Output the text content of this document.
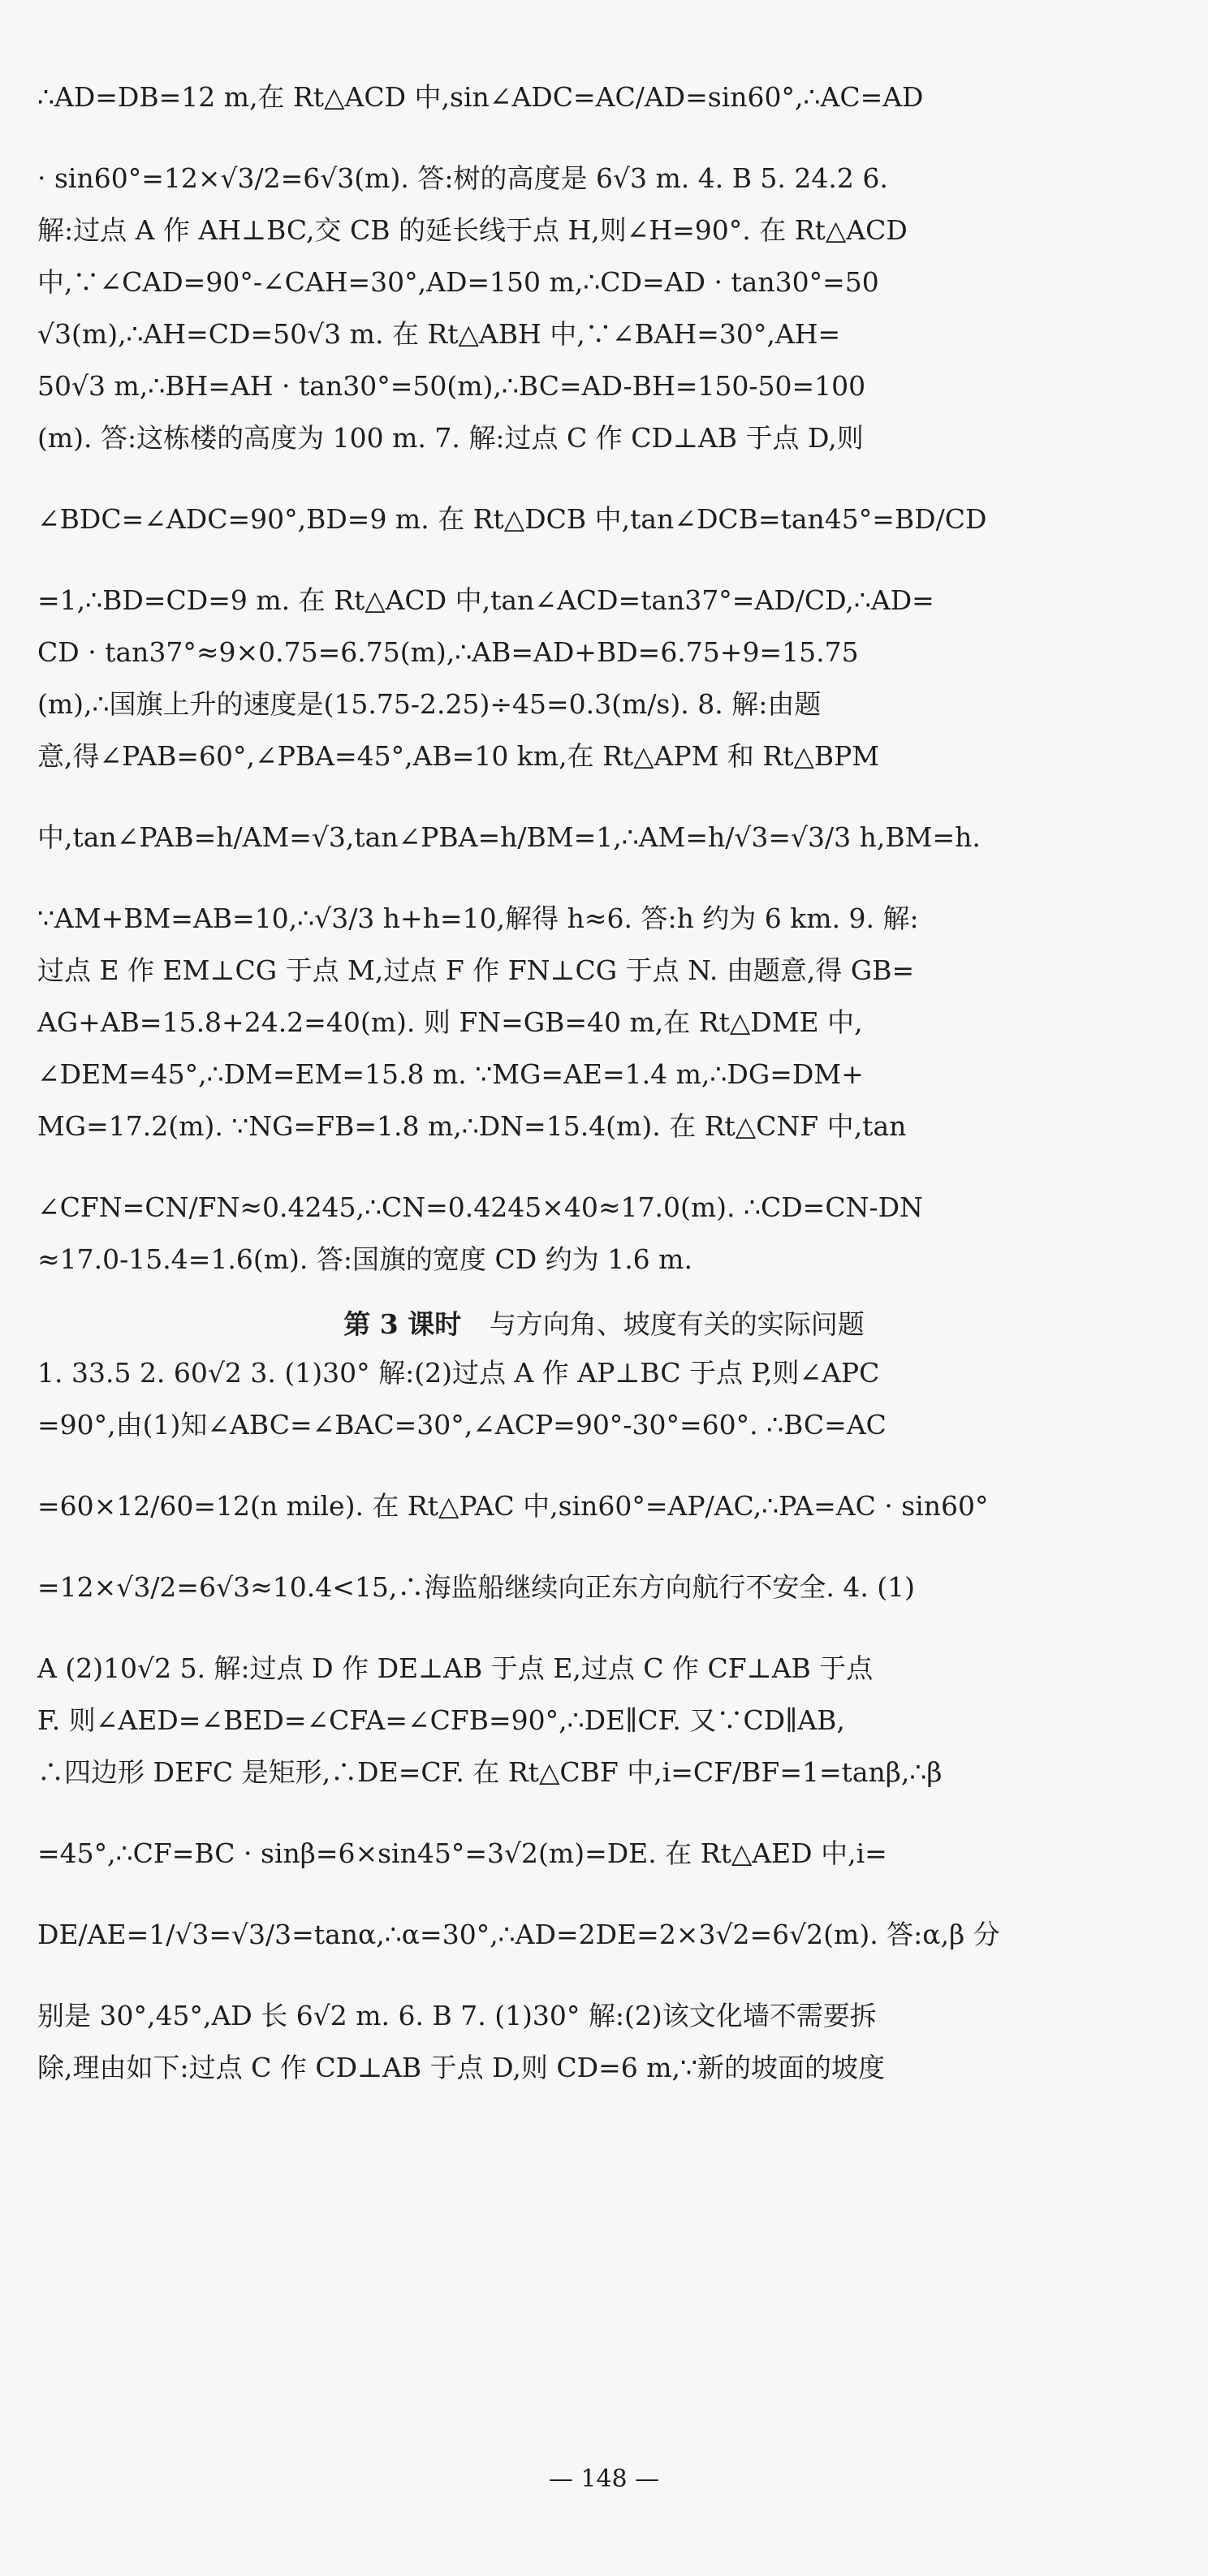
∴AD=DB=12 m,在 Rt△ACD 中,sin∠ADC=AC/AD=sin60°,∴AC=AD

· sin60°=12×√3/2=6√3(m). 答:树的高度是 6√3 m. 4. B 5. 24.2 6.

解:过点 A 作 AH⊥BC,交 CB 的延长线于点 H,则∠H=90°. 在 Rt△ACD

中,∵∠CAD=90°-∠CAH=30°,AD=150 m,∴CD=AD · tan30°=50

√3(m),∴AH=CD=50√3 m. 在 Rt△ABH 中,∵∠BAH=30°,AH=

50√3 m,∴BH=AH · tan30°=50(m),∴BC=AD-BH=150-50=100

(m). 答:这栋楼的高度为 100 m. 7. 解:过点 C 作 CD⊥AB 于点 D,则

∠BDC=∠ADC=90°,BD=9 m. 在 Rt△DCB 中,tan∠DCB=tan45°=BD/CD

=1,∴BD=CD=9 m. 在 Rt△ACD 中,tan∠ACD=tan37°=AD/CD,∴AD=

CD · tan37°≈9×0.75=6.75(m),∴AB=AD+BD=6.75+9=15.75

(m),∴国旗上升的速度是(15.75-2.25)÷45=0.3(m/s). 8. 解:由题

意,得∠PAB=60°,∠PBA=45°,AB=10 km,在 Rt△APM 和 Rt△BPM

中,tan∠PAB=h/AM=√3,tan∠PBA=h/BM=1,∴AM=h/√3=√3/3 h,BM=h.

∵AM+BM=AB=10,∴√3/3 h+h=10,解得 h≈6. 答:h 约为 6 km. 9. 解:

过点 E 作 EM⊥CG 于点 M,过点 F 作 FN⊥CG 于点 N. 由题意,得 GB=

AG+AB=15.8+24.2=40(m). 则 FN=GB=40 m,在 Rt△DME 中,

∠DEM=45°,∴DM=EM=15.8 m. ∵MG=AE=1.4 m,∴DG=DM+

MG=17.2(m). ∵NG=FB=1.8 m,∴DN=15.4(m). 在 Rt△CNF 中,tan

∠CFN=CN/FN≈0.4245,∴CN=0.4245×40≈17.0(m). ∴CD=CN-DN

≈17.0-15.4=1.6(m). 答:国旗的宽度 CD 约为 1.6 m.

第 3 课时 与方向角、坡度有关的实际问题

1. 33.5 2. 60√2 3. (1)30° 解:(2)过点 A 作 AP⊥BC 于点 P,则∠APC

=90°,由(1)知∠ABC=∠BAC=30°,∠ACP=90°-30°=60°. ∴BC=AC

=60×12/60=12(n mile). 在 Rt△PAC 中,sin60°=AP/AC,∴PA=AC · sin60°

=12×√3/2=6√3≈10.4<15,∴海监船继续向正东方向航行不安全. 4. (1)

A (2)10√2 5. 解:过点 D 作 DE⊥AB 于点 E,过点 C 作 CF⊥AB 于点

F. 则∠AED=∠BED=∠CFA=∠CFB=90°,∴DE∥CF. 又∵CD∥AB,

∴四边形 DEFC 是矩形,∴DE=CF. 在 Rt△CBF 中,i=CF/BF=1=tanβ,∴β

=45°,∴CF=BC · sinβ=6×sin45°=3√2(m)=DE. 在 Rt△AED 中,i=

DE/AE=1/√3=√3/3=tanα,∴α=30°,∴AD=2DE=2×3√2=6√2(m). 答:α,β 分

别是 30°,45°,AD 长 6√2 m. 6. B 7. (1)30° 解:(2)该文化墙不需要拆

除,理由如下:过点 C 作 CD⊥AB 于点 D,则 CD=6 m,∵新的坡面的坡度

— 148 —
